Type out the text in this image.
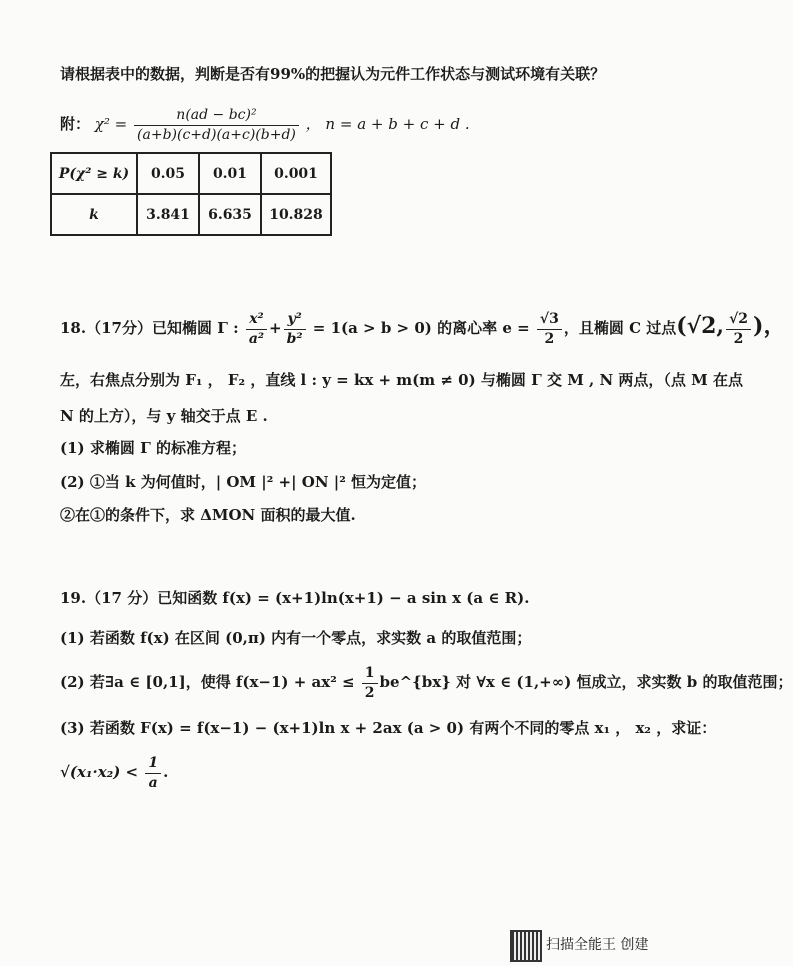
请根据表中的数据，判断是否有99%的把握认为元件工作状态与测试环境有关联？
附： $\chi^2 = \frac{\text{n(ad − bc)²}}{(a+b)(c+d)(a+c)(b+d)}$ ， n = a + b + c + d .
P(χ² ≥ k)	0.05	0.01	0.001
k	3.841	6.635	10.828
18.（17分）已知椭圆 Γ : $\frac{\text{x²}}{\text{a²}} + \frac{\text{y²}}{\text{b²}} = 1(a > b > 0)$ 的离心率 $e = \frac{√3}{2}$ ，且椭圆 C 过点(√2, $\frac{√2}{2}$ )，
左，右焦点分别为 F₁ ， F₂ ，直线 l : y = kx + m(m ≠ 0) 与椭圆 Γ 交 M , N 两点，（点 M 在点
N 的上方），与 y 轴交于点 E .
(1) 求椭圆 Γ 的标准方程；
(2) ①当 k 为何值时，| OM |² +| ON |² 恒为定值；
②在①的条件下，求 ΔMON 面积的最大值.
19.（17 分）已知函数 f(x) = (x+1)ln(x+1) − a sin x (a ∈ R).
(1) 若函数 f(x) 在区间 (0,π) 内有一个零点，求实数 a 的取值范围；
(2) 若∃a ∈ [0,1]，使得 $f(x-1) + ax^2 \le \frac{1}{2}$ be^{bx} 对 ∀x ∈ (1,+∞) 恒成立，求实数 b 的取值范围；
(3) 若函数 F(x) = f(x−1) − (x+1)ln x + 2ax (a > 0) 有两个不同的零点 x₁ ， x₂ ，求证：
$√(x_1\cdot x_2) < \frac{1}{a}$ .
扫描全能王 创建
